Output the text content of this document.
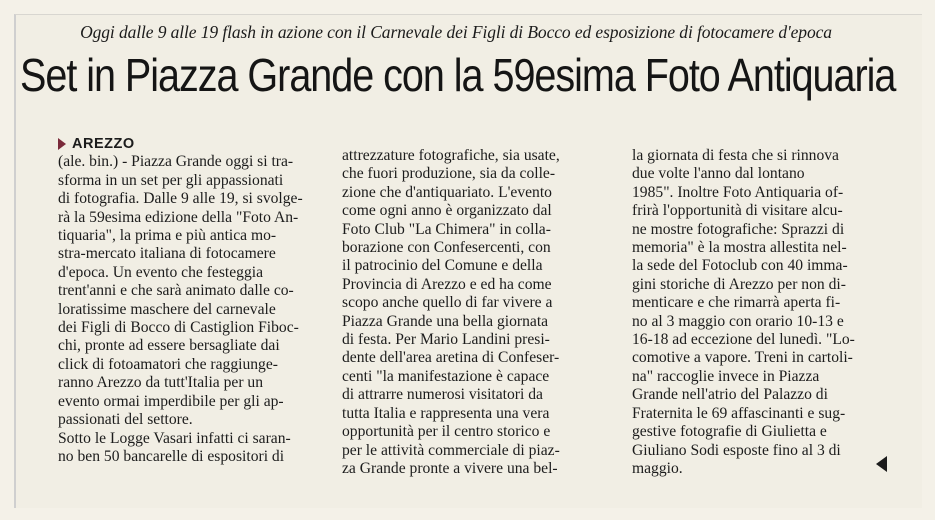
Oggi dalle 9 alle 19 flash in azione con il Carnevale dei Figli di Bocco ed esposizione di fotocamere d'epoca
Set in Piazza Grande con la 59esima Foto Antiquaria
AREZZO
(ale. bin.) - Piazza Grande oggi si tra-
sforma in un set per gli appassionati
di fotografia. Dalle 9 alle 19, si svolge-
rà la 59esima edizione della "Foto An-
tiquaria", la prima e più antica mo-
stra-mercato italiana di fotocamere
d'epoca. Un evento che festeggia
trent'anni e che sarà animato dalle co-
loratissime maschere del carnevale
dei Figli di Bocco di Castiglion Fiboc-
chi, pronte ad essere bersagliate dai
click di fotoamatori che raggiunge-
ranno Arezzo da tutt'Italia per un
evento ormai imperdibile per gli ap-
passionati del settore.
Sotto le Logge Vasari infatti ci saran-
no ben 50 bancarelle di espositori di
attrezzature fotografiche, sia usate,
che fuori produzione, sia da colle-
zione che d'antiquariato. L'evento
come ogni anno è organizzato dal
Foto Club "La Chimera" in colla-
borazione con Confesercenti, con
il patrocinio del Comune e della
Provincia di Arezzo e ed ha come
scopo anche quello di far vivere a
Piazza Grande una bella giornata
di festa. Per Mario Landini presi-
dente dell'area aretina di Confeser-
centi "la manifestazione è capace
di attrarre numerosi visitatori da
tutta Italia e rappresenta una vera
opportunità per il centro storico e
per le attività commerciale di piaz-
za Grande pronte a vivere una bel-
la giornata di festa che si rinnova
due volte l'anno dal lontano
1985". Inoltre Foto Antiquaria of-
frirà l'opportunità di visitare alcu-
ne mostre fotografiche: Sprazzi di
memoria" è la mostra allestita nel-
la sede del Fotoclub con 40 imma-
gini storiche di Arezzo per non di-
menticare e che rimarrà aperta fi-
no al 3 maggio con orario 10-13 e
16-18 ad eccezione del lunedì. "Lo-
comotive a vapore. Treni in cartoli-
na" raccoglie invece in Piazza
Grande nell'atrio del Palazzo di
Fraternita le 69 affascinanti e sug-
gestive fotografie di Giulietta e
Giuliano Sodi esposte fino al 3 di
maggio.
